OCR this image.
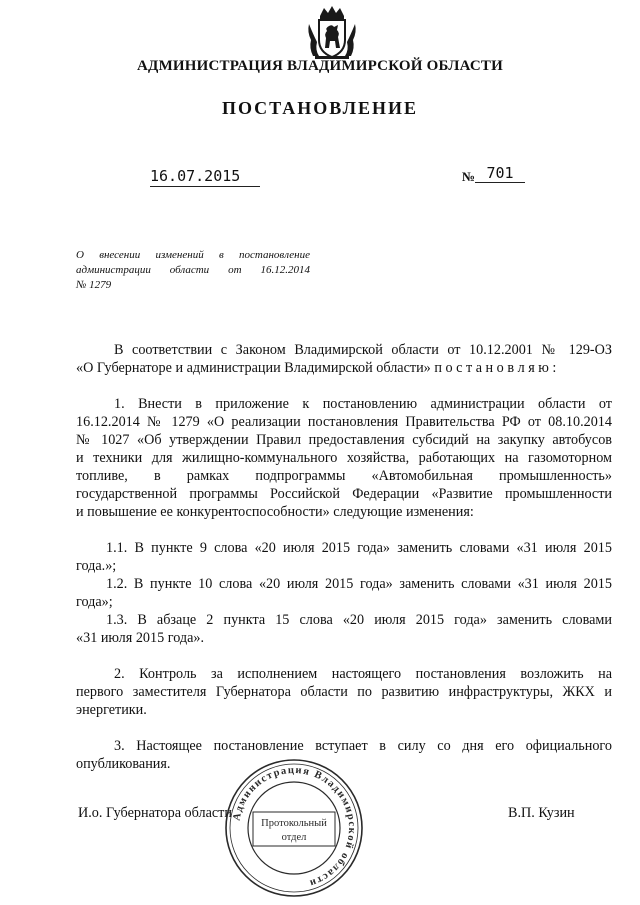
АДМИНИСТРАЦИЯ ВЛАДИМИРСКОЙ ОБЛАСТИ
ПОСТАНОВЛЕНИЕ
16.07.2015	№ 701
О внесении изменений в постановление
администрации области от 16.12.2014
№ 1279
В соответствии с Законом Владимирской области от 10.12.2001 № 129-ОЗ
«О Губернаторе и администрации Владимирской области» п о с т а н о в л я ю :
1. Внести в приложение к постановлению администрации области от
16.12.2014 № 1279 «О реализации постановления Правительства РФ от 08.10.2014
№ 1027 «Об утверждении Правил предоставления субсидий на закупку автобусов
и техники для жилищно-коммунального хозяйства, работающих на газомоторном
топливе, в рамках подпрограммы «Автомобильная промышленность»
государственной программы Российской Федерации «Развитие промышленности
и повышение ее конкурентоспособности» следующие изменения:
1.1. В пункте 9 слова «20 июля 2015 года» заменить словами «31 июля 2015
года.»;
1.2. В пункте 10 слова «20 июля 2015 года» заменить словами «31 июля 2015
года»;
1.3. В абзаце 2 пункта 15 слова «20 июля 2015 года» заменить словами
«31 июля 2015 года».
2. Контроль за исполнением настоящего постановления возложить на
первого заместителя Губернатора области по развитию инфраструктуры, ЖКХ и
энергетики.
3. Настоящее постановление вступает в силу со дня его официального
опубликования.
И.о. Губернатора области	В.П. Кузин
Администрация Владимирской области
Протокольный
отдел
